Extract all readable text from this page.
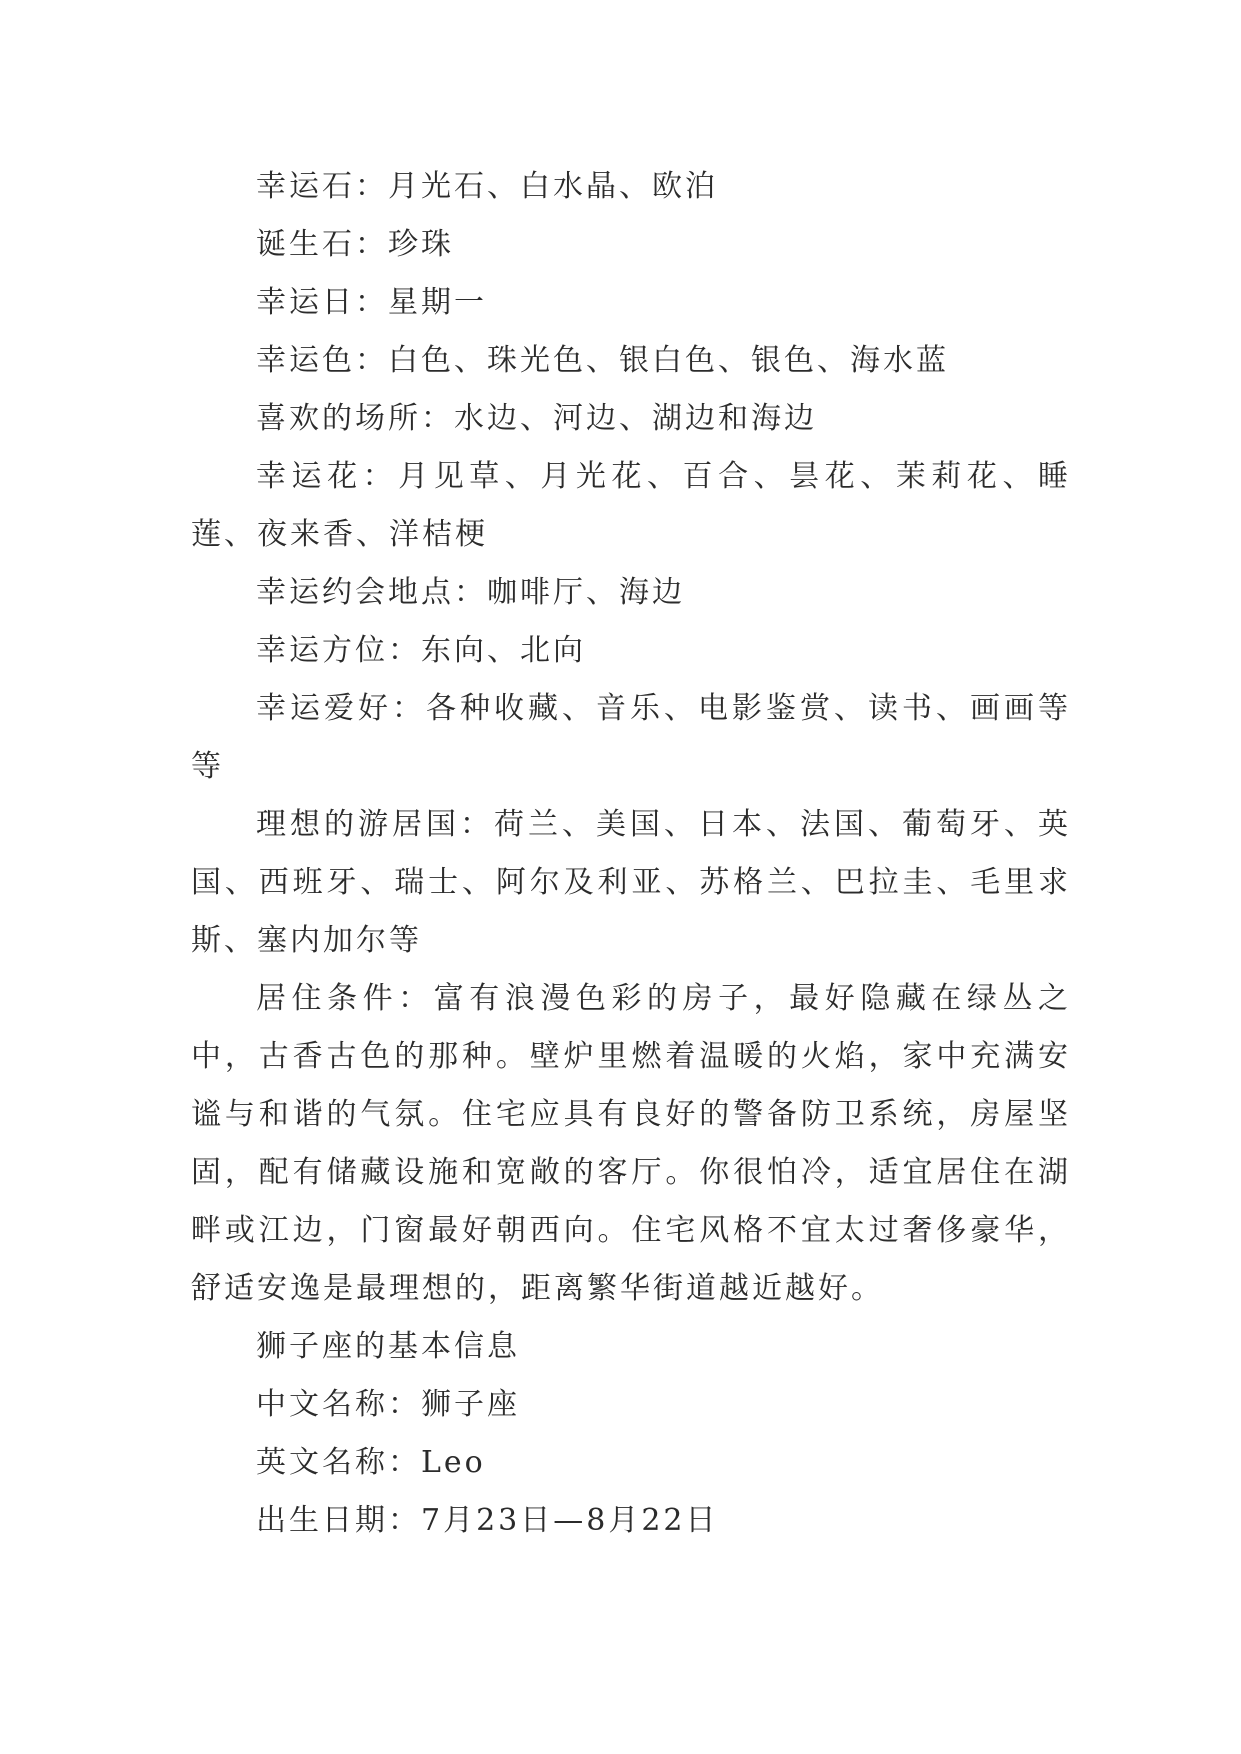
幸运石：月光石、白水晶、欧泊

诞生石：珍珠

幸运日：星期一

幸运色：白色、珠光色、银白色、银色、海水蓝

喜欢的场所：水边、河边、湖边和海边

幸运花：月见草、月光花、百合、昙花、茉莉花、睡莲、夜来香、洋桔梗

幸运约会地点：咖啡厅、海边

幸运方位：东向、北向

幸运爱好：各种收藏、音乐、电影鉴赏、读书、画画等等

理想的游居国：荷兰、美国、日本、法国、葡萄牙、英国、西班牙、瑞士、阿尔及利亚、苏格兰、巴拉圭、毛里求斯、塞内加尔等

居住条件：富有浪漫色彩的房子，最好隐藏在绿丛之中，古香古色的那种。壁炉里燃着温暖的火焰，家中充满安谧与和谐的气氛。住宅应具有良好的警备防卫系统，房屋坚固，配有储藏设施和宽敞的客厅。你很怕冷，适宜居住在湖畔或江边，门窗最好朝西向。住宅风格不宜太过奢侈豪华，舒适安逸是最理想的，距离繁华街道越近越好。

狮子座的基本信息

中文名称：狮子座

英文名称：Leo

出生日期：7月23日—8月22日
